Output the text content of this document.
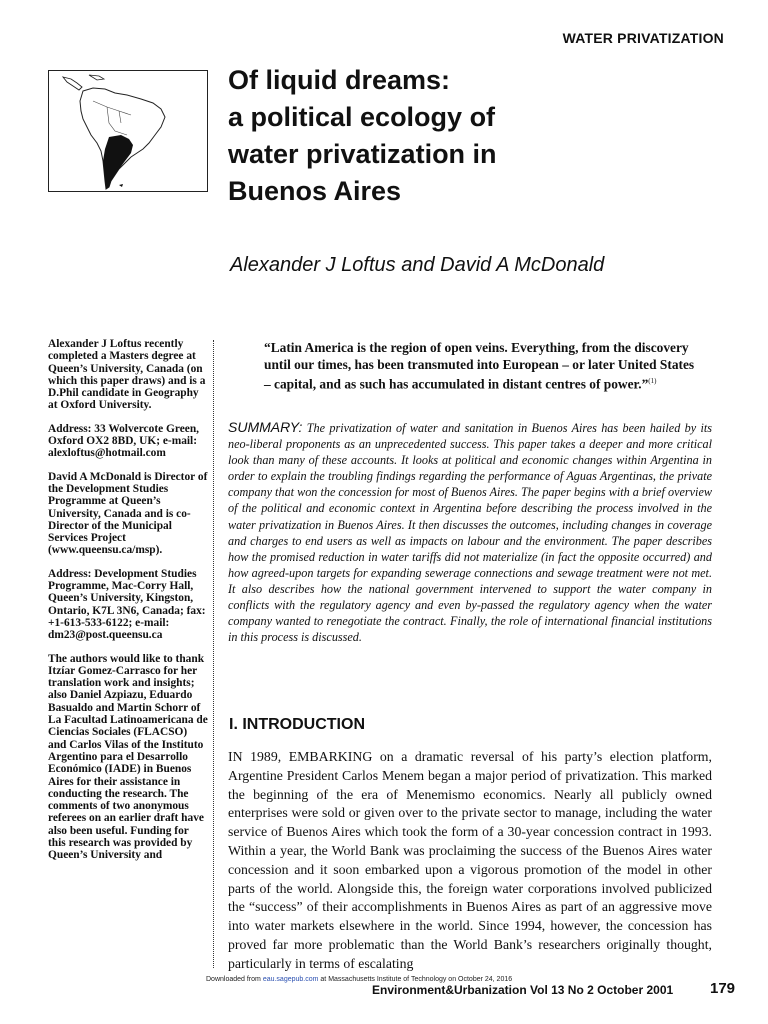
WATER PRIVATIZATION
Of liquid dreams:
a political ecology of
water privatization in
Buenos Aires
Alexander J Loftus and David A McDonald

Alexander J Loftus recently completed a Masters degree at Queen’s University, Canada (on which this paper draws) and is a D.Phil candidate in Geography at Oxford University.

Address: 33 Wolvercote Green, Oxford OX2 8BD, UK; e-mail: alexloftus@hotmail.com

David A McDonald is Director of the Development Studies Programme at Queen’s University, Canada and is co-Director of the Municipal Services Project (www.queensu.ca/msp).

Address: Development Studies Programme, Mac-Corry Hall, Queen’s University, Kingston, Ontario, K7L 3N6, Canada; fax: +1-613-533-6122; e-mail: dm23@post.queensu.ca

The authors would like to thank Itzíar Gomez-Carrasco for her translation work and insights; also Daniel Azpiazu, Eduardo Basualdo and Martin Schorr of La Facultad Latinoamericana de Ciencias Sociales (FLACSO) and Carlos Vilas of the Instituto Argentino para el Desarrollo Económico (IADE) in Buenos Aires for their assistance in conducting the research. The comments of two anonymous referees on an earlier draft have also been useful. Funding for this research was provided by Queen’s University and

“Latin America is the region of open veins. Everything, from the discovery until our times, has been transmuted into European – or later United States – capital, and as such has accumulated in distant centres of power.”$^{(1)}$
SUMMARY: The privatization of water and sanitation in Buenos Aires has been hailed by its neo-liberal proponents as an unprecedented success. This paper takes a deeper and more critical look than many of these accounts. It looks at political and economic changes within Argentina in order to explain the troubling findings regarding the performance of Aguas Argentinas, the private company that won the concession for most of Buenos Aires. The paper begins with a brief overview of the political and economic context in Argentina before describing the process involved in the water privatization in Buenos Aires. It then discusses the outcomes, including changes in coverage and charges to end users as well as impacts on labour and the environment. The paper describes how the promised reduction in water tariffs did not materialize (in fact the opposite occurred) and how agreed-upon targets for expanding sewerage connections and sewage treatment were not met. It also describes how the national government intervened to support the water company in conflicts with the regulatory agency and even by-passed the regulatory agency when the water company wanted to renegotiate the contract. Finally, the role of international financial institutions in this process is discussed.
I. INTRODUCTION
IN 1989, EMBARKING on a dramatic reversal of his party’s election platform, Argentine President Carlos Menem began a major period of privatization. This marked the beginning of the era of Menemismo economics. Nearly all publicly owned enterprises were sold or given over to the private sector to manage, including the water service of Buenos Aires which took the form of a 30-year concession contract in 1993. Within a year, the World Bank was proclaiming the success of the Buenos Aires water concession and it soon embarked upon a vigorous promotion of the model in other parts of the world. Alongside this, the foreign water corporations involved publicized the “success” of their accomplishments in Buenos Aires as part of an aggressive move into water markets elsewhere in the world. Since 1994, however, the concession has proved far more problematic than the World Bank’s researchers originally thought, particularly in terms of escalating
Downloaded from eau.sagepub.com at Massachusetts Institute of Technology on October 24, 2016
Environment&Urbanization Vol 13 No 2 October 2001 179
